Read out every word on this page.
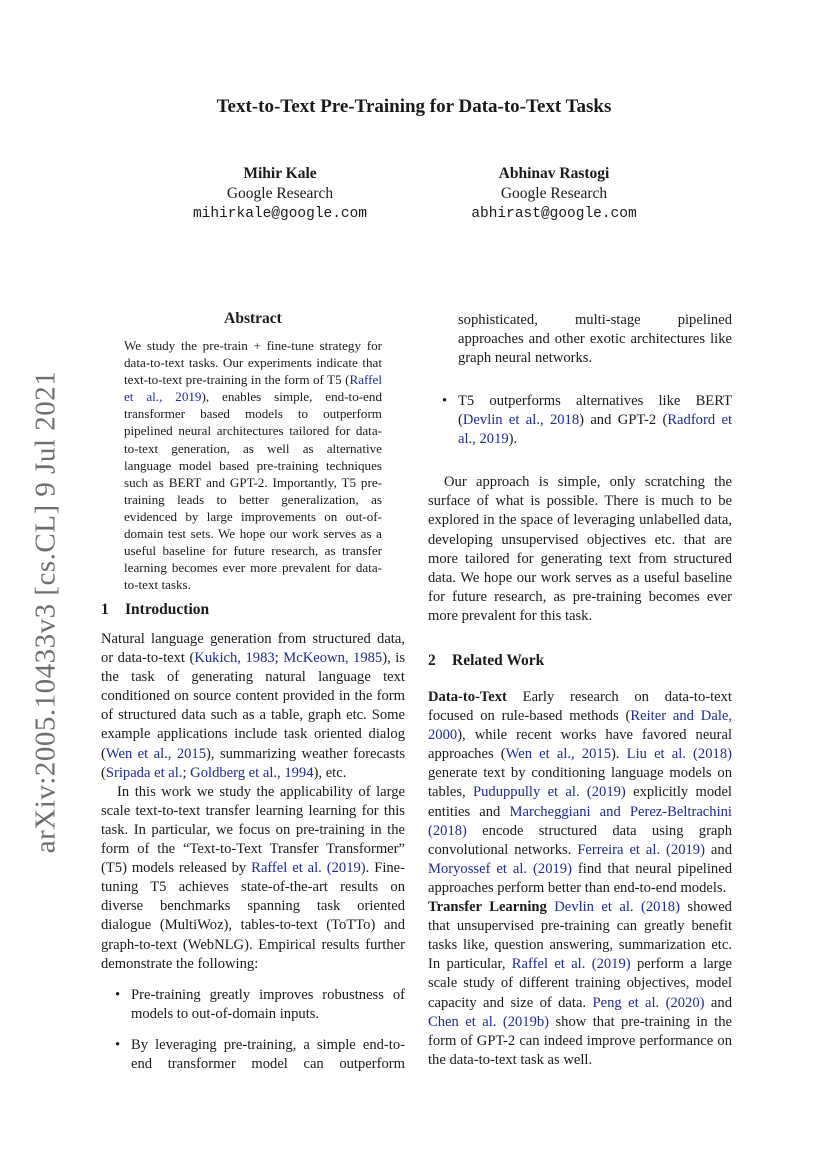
Text-to-Text Pre-Training for Data-to-Text Tasks
Mihir Kale
Google Research
mihirkale@google.com
Abhinav Rastogi
Google Research
abhirast@google.com
arXiv:2005.10433v3 [cs.CL] 9 Jul 2021
Abstract
We study the pre-train + fine-tune strategy for data-to-text tasks. Our experiments indicate that text-to-text pre-training in the form of T5 (Raffel et al., 2019), enables simple, end-to-end transformer based models to outperform pipelined neural architectures tailored for data-to-text generation, as well as alternative language model based pre-training techniques such as BERT and GPT-2. Importantly, T5 pre-training leads to better generalization, as evidenced by large improvements on out-of-domain test sets. We hope our work serves as a useful baseline for future research, as transfer learning becomes ever more prevalent for data-to-text tasks.
1 Introduction

Natural language generation from structured data, or data-to-text (Kukich, 1983; McKeown, 1985), is the task of generating natural language text conditioned on source content provided in the form of structured data such as a table, graph etc. Some example applications include task oriented dialog (Wen et al., 2015), summarizing weather forecasts (Sripada et al.; Goldberg et al., 1994), etc.

In this work we study the applicability of large scale text-to-text transfer learning learning for this task. In particular, we focus on pre-training in the form of the “Text-to-Text Transfer Transformer” (T5) models released by Raffel et al. (2019). Fine-tuning T5 achieves state-of-the-art results on diverse benchmarks spanning task oriented dialogue (MultiWoz), tables-to-text (ToTTo) and graph-to-text (WebNLG). Empirical results further demonstrate the following:

• Pre-training greatly improves robustness of models to out-of-domain inputs.
• By leveraging pre-training, a simple end-to-end transformer model can outperform
sophisticated, multi-stage pipelined approaches and other exotic architectures like graph neural networks.
• T5 outperforms alternatives like BERT (Devlin et al., 2018) and GPT-2 (Radford et al., 2019).

Our approach is simple, only scratching the surface of what is possible. There is much to be explored in the space of leveraging unlabelled data, developing unsupervised objectives etc. that are more tailored for generating text from structured data. We hope our work serves as a useful baseline for future research, as pre-training becomes ever more prevalent for this task.

2 Related Work

Data-to-Text Early research on data-to-text focused on rule-based methods (Reiter and Dale, 2000), while recent works have favored neural approaches (Wen et al., 2015). Liu et al. (2018) generate text by conditioning language models on tables, Puduppully et al. (2019) explicitly model entities and Marcheggiani and Perez-Beltrachini (2018) encode structured data using graph convolutional networks. Ferreira et al. (2019) and Moryossef et al. (2019) find that neural pipelined approaches perform better than end-to-end models.

Transfer Learning Devlin et al. (2018) showed that unsupervised pre-training can greatly benefit tasks like, question answering, summarization etc. In particular, Raffel et al. (2019) perform a large scale study of different training objectives, model capacity and size of data. Peng et al. (2020) and Chen et al. (2019b) show that pre-training in the form of GPT-2 can indeed improve performance on the data-to-text task as well.
